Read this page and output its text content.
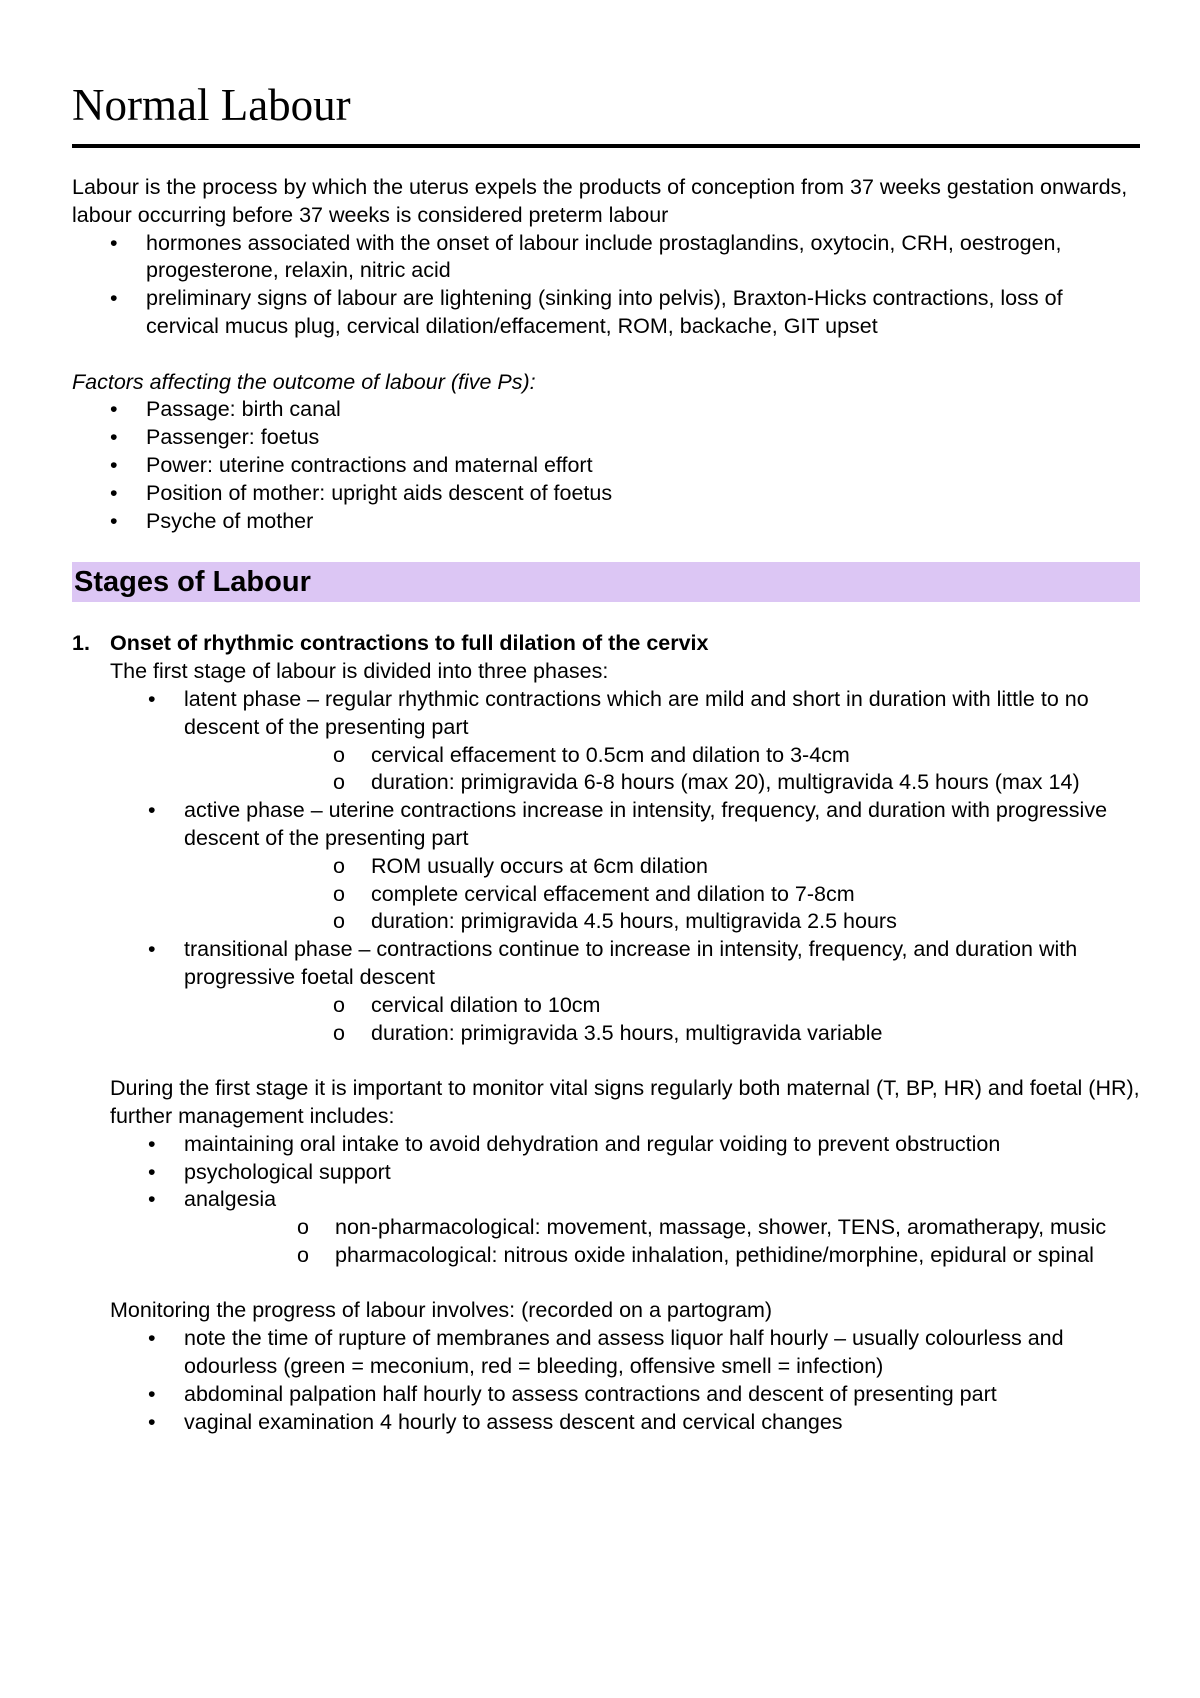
Normal Labour

Labour is the process by which the uterus expels the products of conception from 37 weeks gestation onwards, labour occurring before 37 weeks is considered preterm labour

• hormones associated with the onset of labour include prostaglandins, oxytocin, CRH, oestrogen, progesterone, relaxin, nitric acid
• preliminary signs of labour are lightening (sinking into pelvis), Braxton-Hicks contractions, loss of cervical mucus plug, cervical dilation/effacement, ROM, backache, GIT upset

Factors affecting the outcome of labour (five Ps):

• Passage: birth canal
• Passenger: foetus
• Power: uterine contractions and maternal effort
• Position of mother: upright aids descent of foetus
• Psyche of mother
Stages of Labour

1. Onset of rhythmic contractions to full dilation of the cervix

The first stage of labour is divided into three phases:

• latent phase – regular rhythmic contractions which are mild and short in duration with little to no descent of the presenting part
o cervical effacement to 0.5cm and dilation to 3-4cm
o duration: primigravida 6-8 hours (max 20), multigravida 4.5 hours (max 14)
• active phase – uterine contractions increase in intensity, frequency, and duration with progressive descent of the presenting part
o ROM usually occurs at 6cm dilation
o complete cervical effacement and dilation to 7-8cm
o duration: primigravida 4.5 hours, multigravida 2.5 hours
• transitional phase – contractions continue to increase in intensity, frequency, and duration with progressive foetal descent
o cervical dilation to 10cm
o duration: primigravida 3.5 hours, multigravida variable

During the first stage it is important to monitor vital signs regularly both maternal (T, BP, HR) and foetal (HR), further management includes:

• maintaining oral intake to avoid dehydration and regular voiding to prevent obstruction
• psychological support
• analgesia
o non-pharmacological: movement, massage, shower, TENS, aromatherapy, music
o pharmacological: nitrous oxide inhalation, pethidine/morphine, epidural or spinal

Monitoring the progress of labour involves: (recorded on a partogram)

• note the time of rupture of membranes and assess liquor half hourly – usually colourless and odourless (green = meconium, red = bleeding, offensive smell = infection)
• abdominal palpation half hourly to assess contractions and descent of presenting part
• vaginal examination 4 hourly to assess descent and cervical changes
